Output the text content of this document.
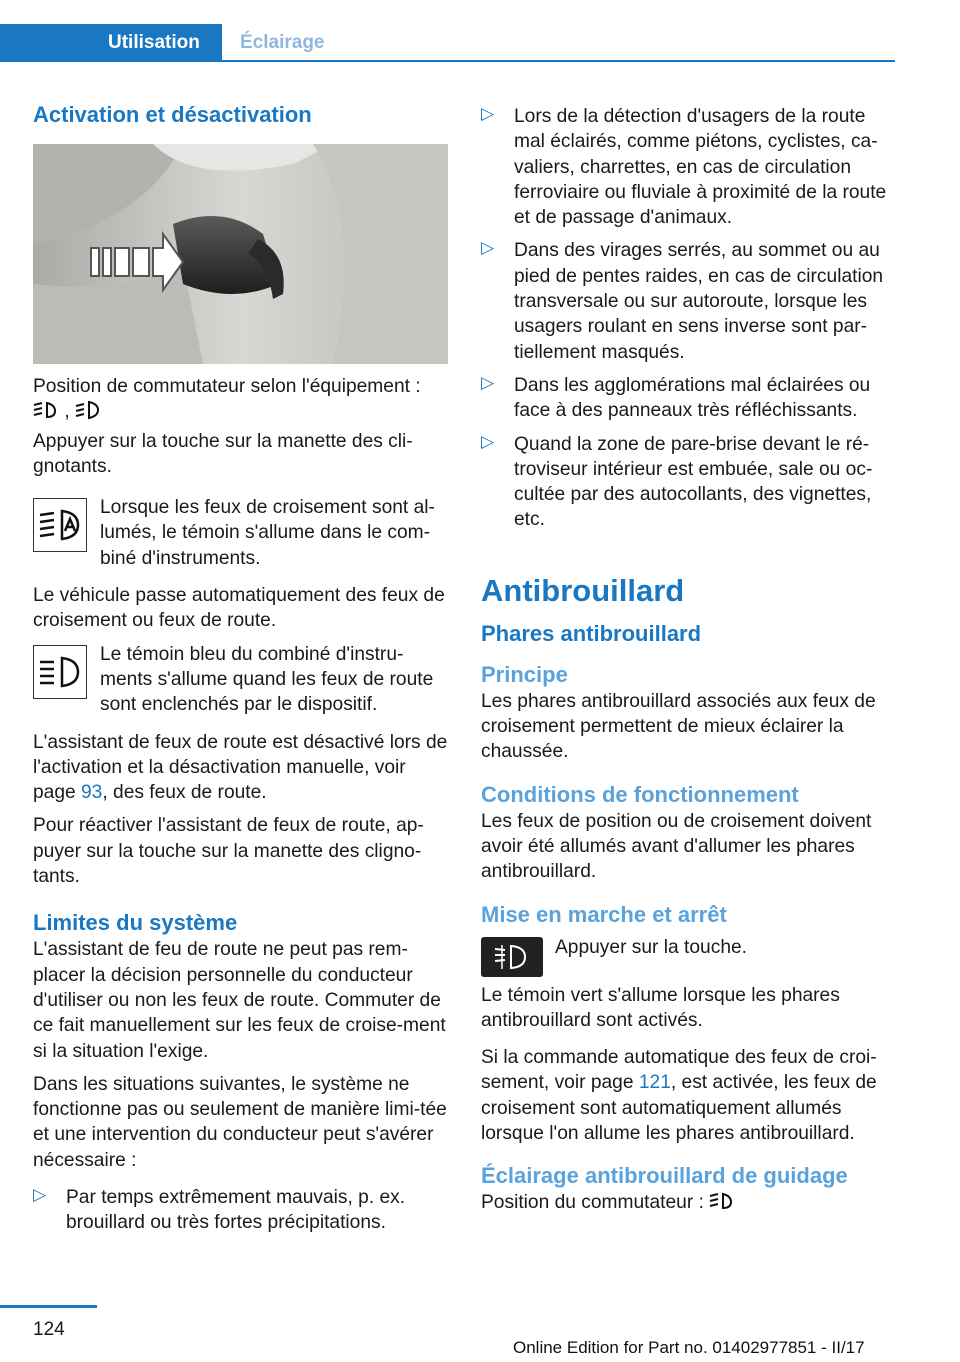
Utilisation	Éclairage
Activation et désactivation

Position de commutateur selon l'équipement :
,

Appuyer sur la touche sur la manette des cli-gnotants.

Lorsque les feux de croisement sont al-lumés, le témoin s'allume dans le com-biné d'instruments.

Le véhicule passe automatiquement des feux de croisement ou feux de route.

Le témoin bleu du combiné d'instru-ments s'allume quand les feux de route sont enclenchés par le dispositif.

L'assistant de feux de route est désactivé lors de l'activation et la désactivation manuelle, voir page 93, des feux de route.

Pour réactiver l'assistant de feux de route, ap-puyer sur la touche sur la manette des cligno-tants.

Limites du système

L'assistant de feu de route ne peut pas rem-placer la décision personnelle du conducteur d'utiliser ou non les feux de route. Commuter de ce fait manuellement sur les feux de croise-ment si la situation l'exige.

Dans les situations suivantes, le système ne fonctionne pas ou seulement de manière limi-tée et une intervention du conducteur peut s'avérer nécessaire :

▷ Par temps extrêmement mauvais, p. ex. brouillard ou très fortes précipitations.

▷ Lors de la détection d'usagers de la route mal éclairés, comme piétons, cyclistes, ca-valiers, charrettes, en cas de circulation ferroviaire ou fluviale à proximité de la route et de passage d'animaux.

▷ Dans des virages serrés, au sommet ou au pied de pentes raides, en cas de circulation transversale ou sur autoroute, lorsque les usagers roulant en sens inverse sont par-tiellement masqués.

▷ Dans les agglomérations mal éclairées ou face à des panneaux très réfléchissants.

▷ Quand la zone de pare-brise devant le ré-troviseur intérieur est embuée, sale ou oc-cultée par des autocollants, des vignettes, etc.

Antibrouillard
Phares antibrouillard
Principe

Les phares antibrouillard associés aux feux de croisement permettent de mieux éclairer la chaussée.

Conditions de fonctionnement

Les feux de position ou de croisement doivent avoir été allumés avant d'allumer les phares antibrouillard.

Mise en marche et arrêt

Appuyer sur la touche.

Le témoin vert s'allume lorsque les phares antibrouillard sont activés.

Si la commande automatique des feux de croi-sement, voir page 121, est activée, les feux de croisement sont automatiquement allumés lorsque l'on allume les phares antibrouillard.

Éclairage antibrouillard de guidage

Position du commutateur :

124
Online Edition for Part no. 01402977851 - II/17
